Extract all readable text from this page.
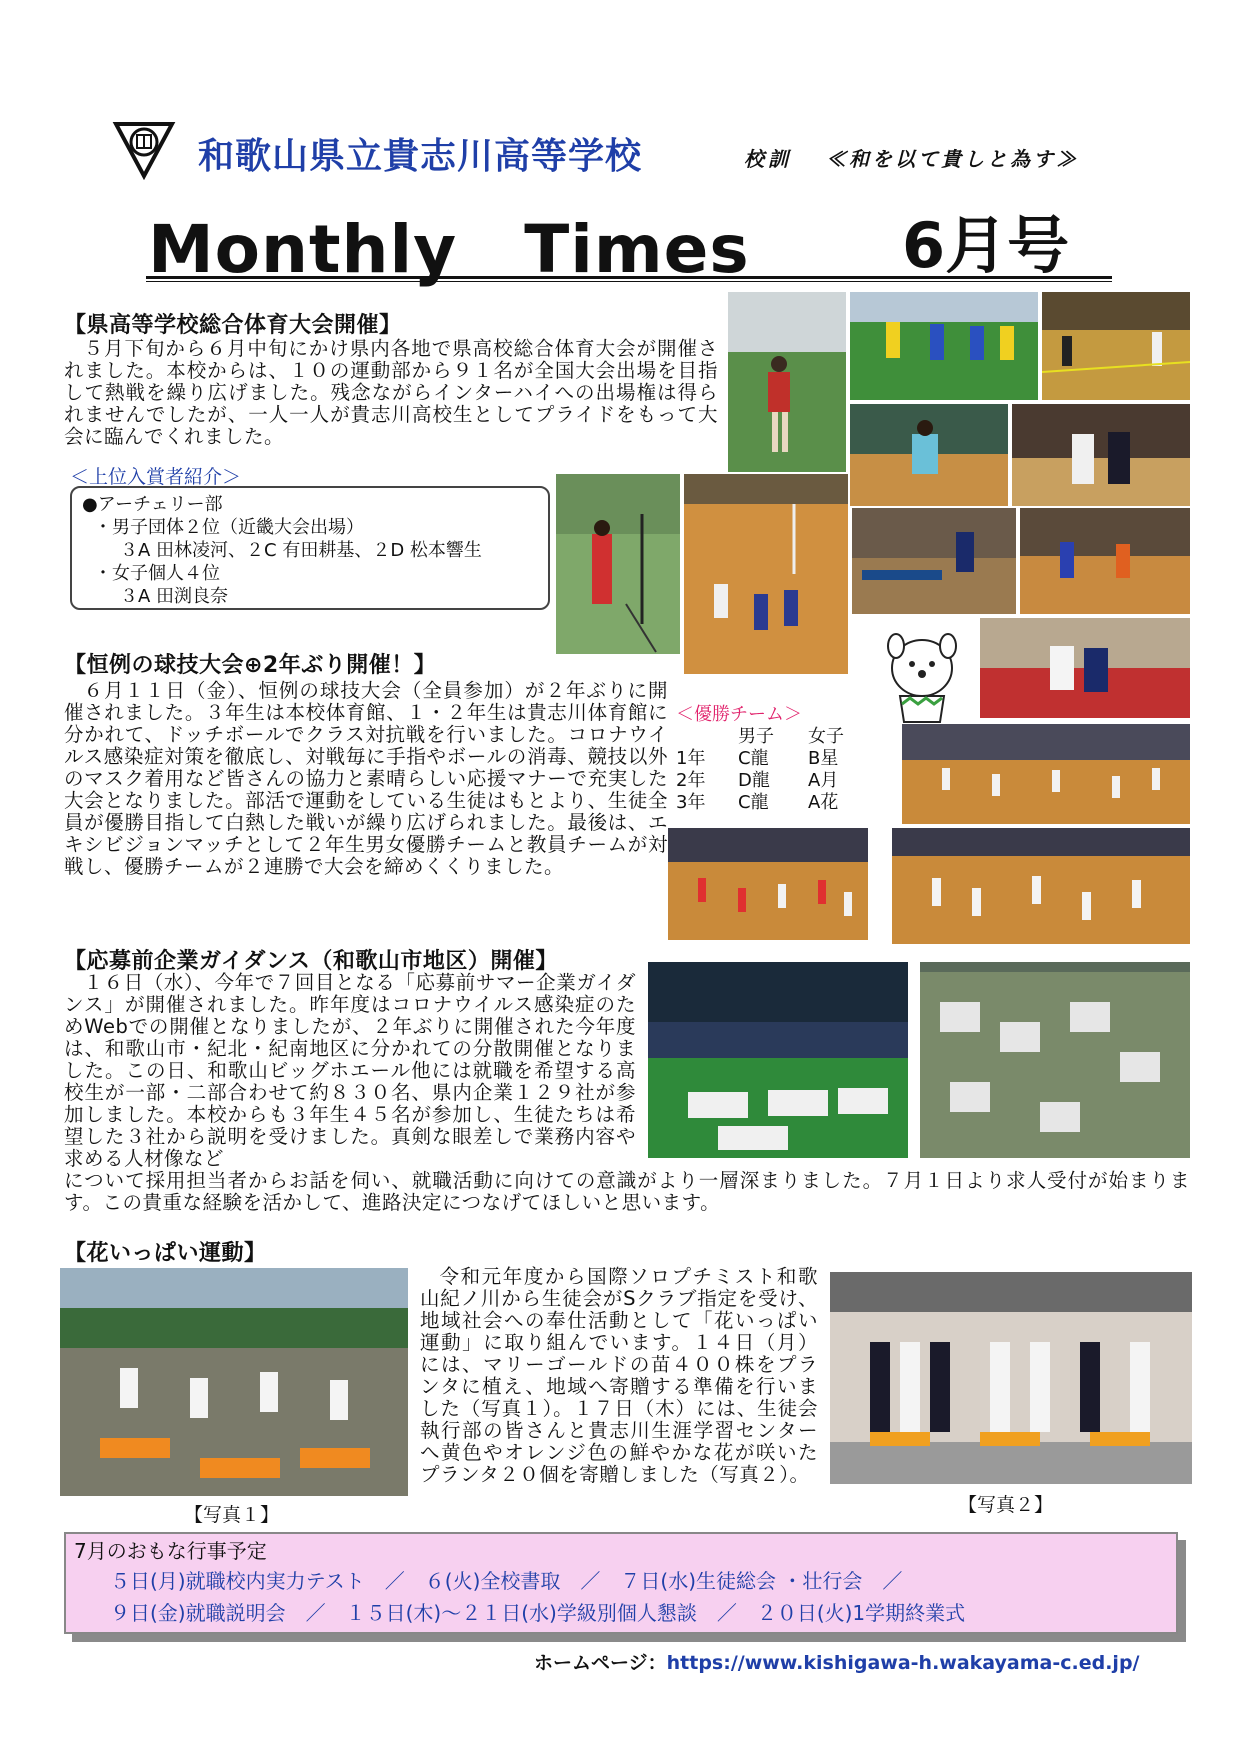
和歌山県立貴志川高等学校	校訓 ≪和を以て貴しと為す≫
Monthly　Times 6月号
【県高等学校総合体育大会開催】
５月下旬から６月中旬にかけ県内各地で県高校総合体育大会が開催されました。本校からは、１０の運動部から９１名が全国大会出場を目指して熱戦を繰り広げました。残念ながらインターハイへの出場権は得られませんでしたが、一人一人が貴志川高校生としてプライドをもって大会に臨んでくれました。
＜上位入賞者紹介＞
●アーチェリー部
・男子団体２位（近畿大会出場）
３A 田林凌河、２C 有田耕基、２D 松本響生
・女子個人４位
３A 田渕良奈
【恒例の球技大会⊕2年ぶり開催！】
６月１１日（金）、恒例の球技大会（全員参加）が２年ぶりに開催されました。３年生は本校体育館、１・２年生は貴志川体育館に分かれて、ドッチボールでクラス対抗戦を行いました。コロナウイルス感染症対策を徹底し、対戦毎に手指やボールの消毒、競技以外のマスク着用など皆さんの協力と素晴らしい応援マナーで充実した大会となりました。部活で運動をしている生徒はもとより、生徒全員が優勝目指して白熱した戦いが繰り広げられました。最後は、エキシビジョンマッチとして２年生男女優勝チームと教員チームが対戦し、優勝チームが２連勝で大会を締めくくりました。
＜優勝チーム＞
男子	女子
1年	C龍	B星
2年	D龍	A月
3年	C龍	A花
【応募前企業ガイダンス（和歌山市地区）開催】
１６日（水）、今年で７回目となる「応募前サマー企業ガイダンス」が開催されました。昨年度はコロナウイルス感染症のためWebでの開催となりましたが、２年ぶりに開催された今年度は、和歌山市・紀北・紀南地区に分かれての分散開催となりました。この日、和歌山ビッグホエール他には就職を希望する高校生が一部・二部合わせて約８３０名、県内企業１２９社が参加しました。本校からも３年生４５名が参加し、生徒たちは希望した３社から説明を受けました。真剣な眼差しで業務内容や求める人材像など
について採用担当者からお話を伺い、就職活動に向けての意識がより一層深まりました。７月１日より求人受付が始まります。この貴重な経験を活かして、進路決定につなげてほしいと思います。
【花いっぱい運動】
【写真１】
令和元年度から国際ソロプチミスト和歌山紀ノ川から生徒会がSクラブ指定を受け、地域社会への奉仕活動として「花いっぱい運動」に取り組んでいます。１４日（月）には、マリーゴールドの苗４００株をプランタに植え、地域へ寄贈する準備を行いました（写真１）。１７日（木）には、生徒会執行部の皆さんと貴志川生涯学習センターへ黄色やオレンジ色の鮮やかな花が咲いたプランタ２０個を寄贈しました（写真２）。
【写真２】
7月のおもな行事予定
５日(月)就職校内実力テスト　／　６(火)全校書取　／　７日(水)生徒総会 ・壮行会　／
９日(金)就職説明会　／　１５日(木)～２１日(水)学級別個人懇談　／　２０日(火)1学期終業式
ホームページ：https://www.kishigawa-h.wakayama-c.ed.jp/
